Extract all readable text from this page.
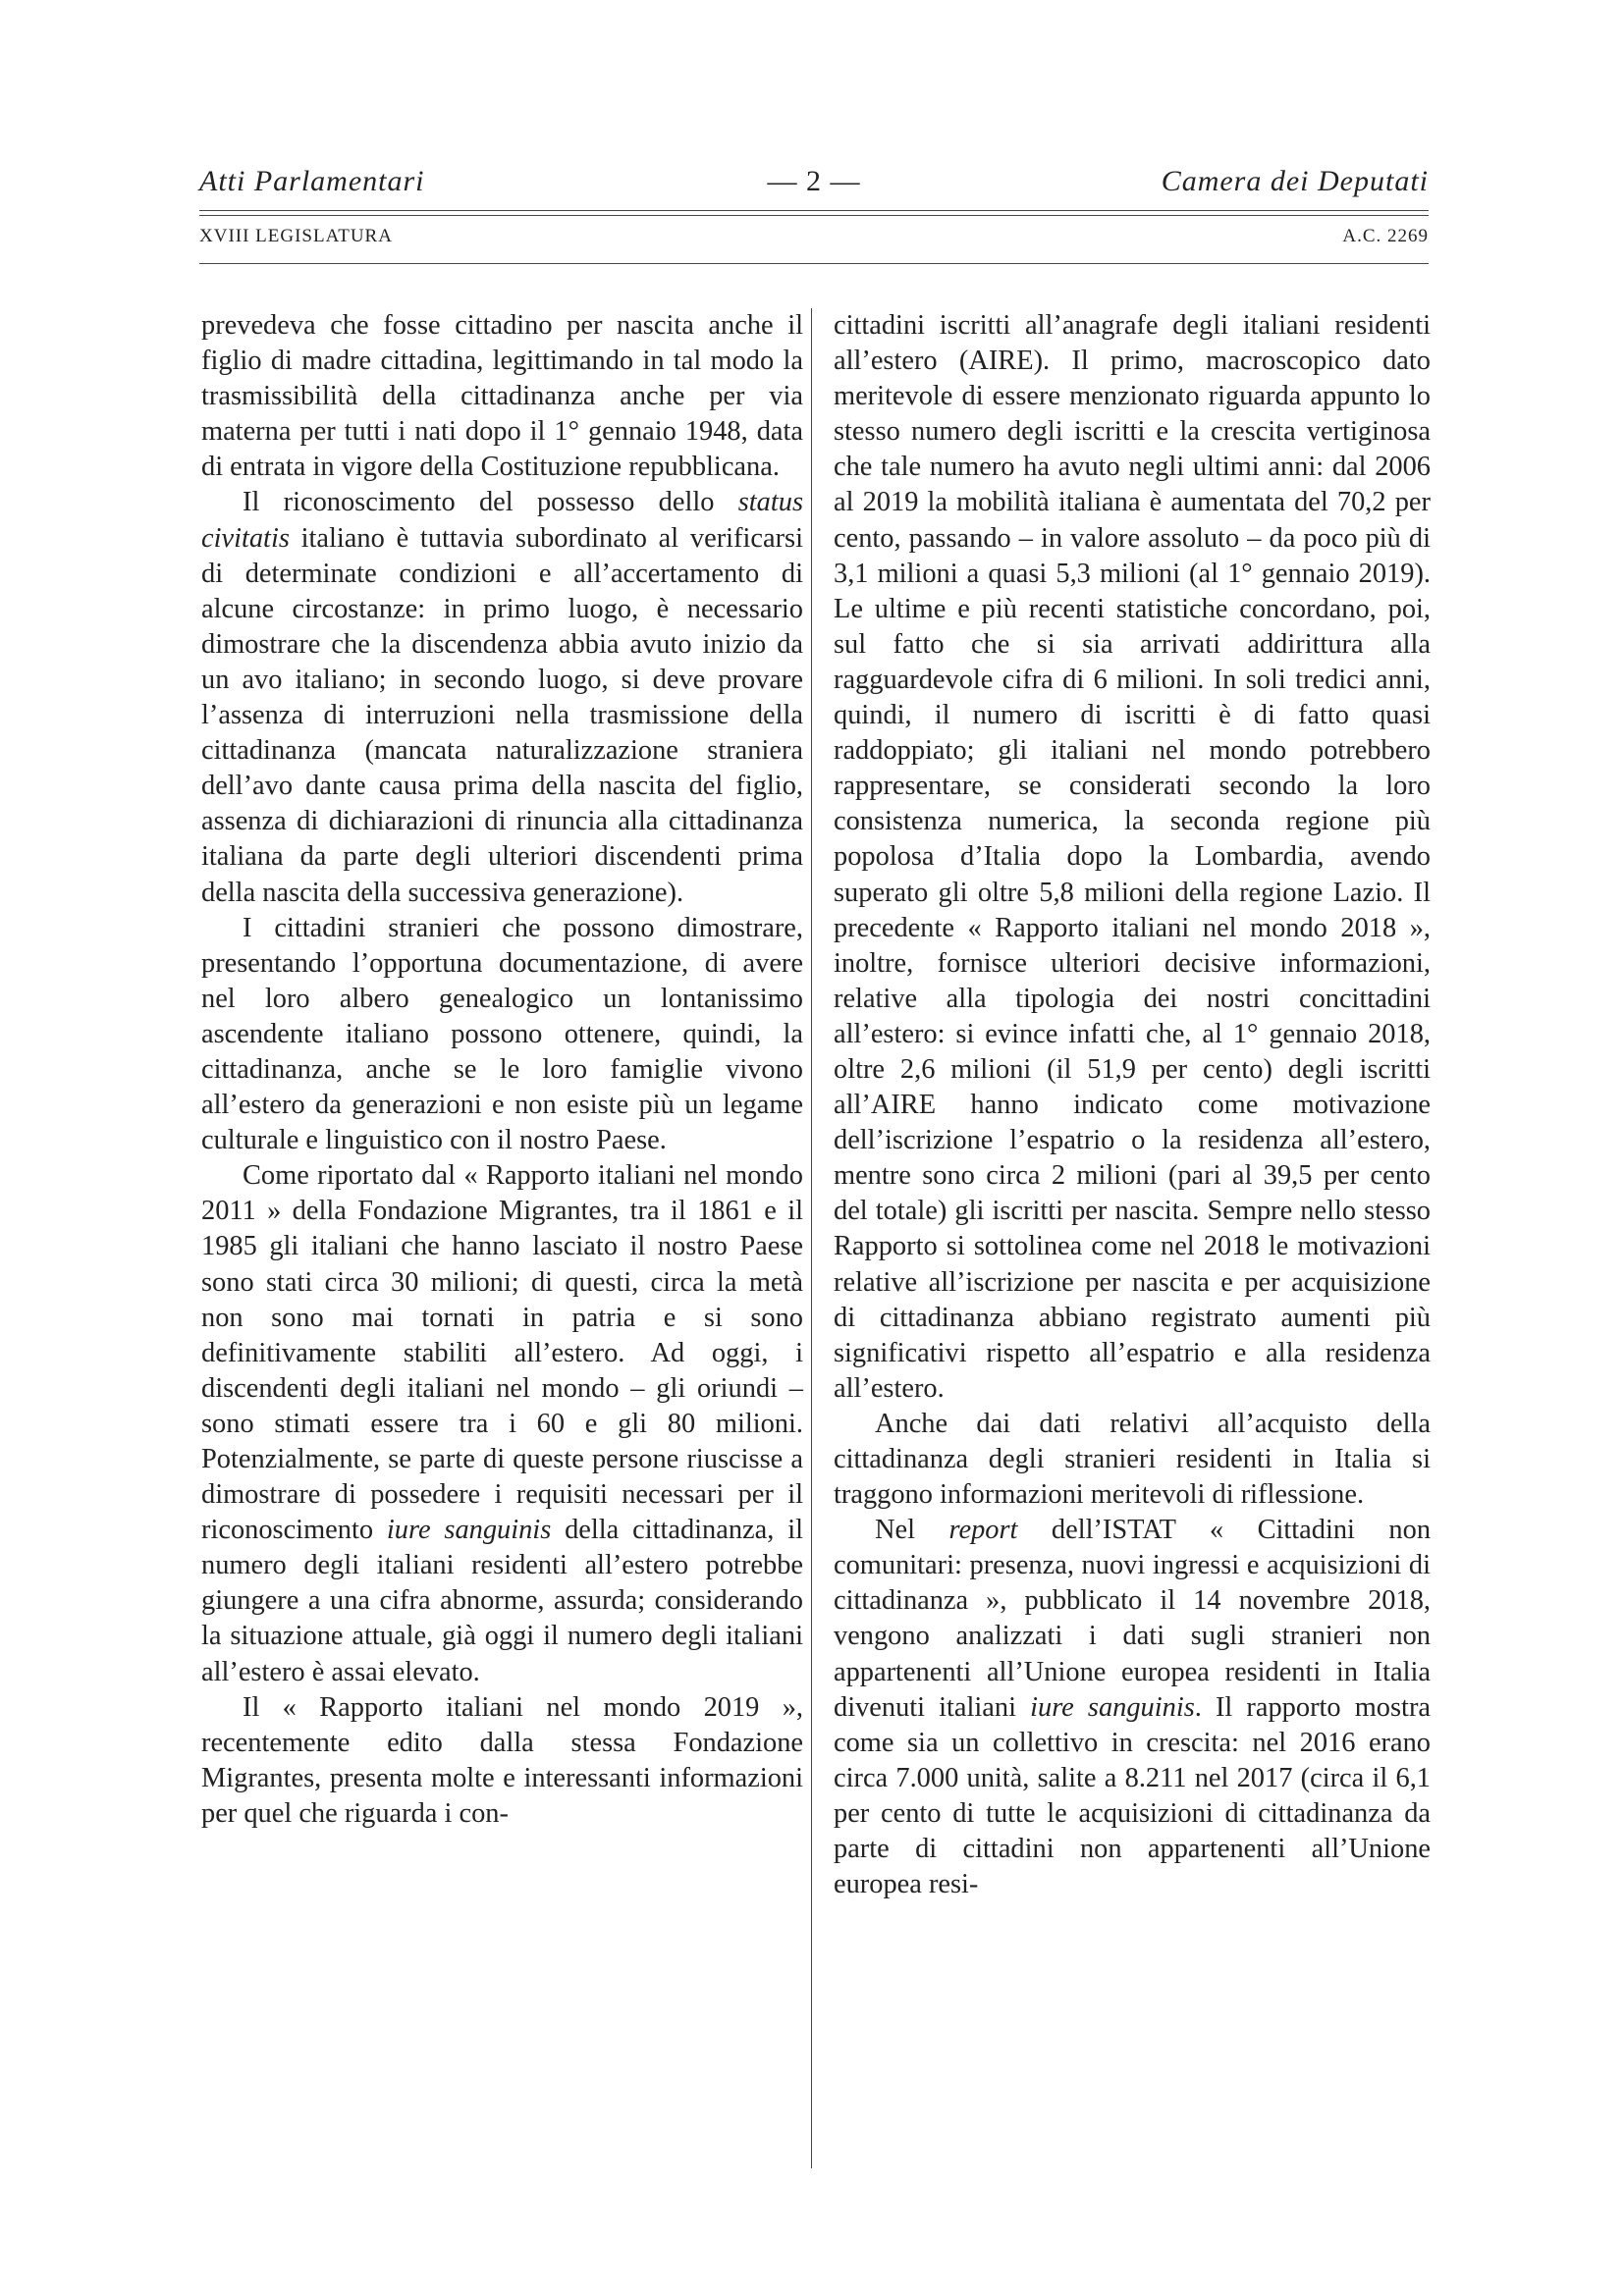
Atti Parlamentari	— 2 —	Camera dei Deputati
XVIII LEGISLATURA	A.C. 2269

prevedeva che fosse cittadino per nascita anche il figlio di madre cittadina, legittimando in tal modo la trasmissibilità della cittadinanza anche per via materna per tutti i nati dopo il 1° gennaio 1948, data di entrata in vigore della Costituzione repubblicana.

Il riconoscimento del possesso dello status civitatis italiano è tuttavia subordinato al verificarsi di determinate condizioni e all’accertamento di alcune circostanze: in primo luogo, è necessario dimostrare che la discendenza abbia avuto inizio da un avo italiano; in secondo luogo, si deve provare l’assenza di interruzioni nella trasmissione della cittadinanza (mancata naturalizzazione straniera dell’avo dante causa prima della nascita del figlio, assenza di dichiarazioni di rinuncia alla cittadinanza italiana da parte degli ulteriori discendenti prima della nascita della successiva generazione).

I cittadini stranieri che possono dimostrare, presentando l’opportuna documentazione, di avere nel loro albero genealogico un lontanissimo ascendente italiano possono ottenere, quindi, la cittadinanza, anche se le loro famiglie vivono all’estero da generazioni e non esiste più un legame culturale e linguistico con il nostro Paese.

Come riportato dal « Rapporto italiani nel mondo 2011 » della Fondazione Migrantes, tra il 1861 e il 1985 gli italiani che hanno lasciato il nostro Paese sono stati circa 30 milioni; di questi, circa la metà non sono mai tornati in patria e si sono definitivamente stabiliti all’estero. Ad oggi, i discendenti degli italiani nel mondo – gli oriundi – sono stimati essere tra i 60 e gli 80 milioni. Potenzialmente, se parte di queste persone riuscisse a dimostrare di possedere i requisiti necessari per il riconoscimento iure sanguinis della cittadinanza, il numero degli italiani residenti all’estero potrebbe giungere a una cifra abnorme, assurda; considerando la situazione attuale, già oggi il numero degli italiani all’estero è assai elevato.

Il « Rapporto italiani nel mondo 2019 », recentemente edito dalla stessa Fondazione Migrantes, presenta molte e interessanti informazioni per quel che riguarda i con-

cittadini iscritti all’anagrafe degli italiani residenti all’estero (AIRE). Il primo, macroscopico dato meritevole di essere menzionato riguarda appunto lo stesso numero degli iscritti e la crescita vertiginosa che tale numero ha avuto negli ultimi anni: dal 2006 al 2019 la mobilità italiana è aumentata del 70,2 per cento, passando – in valore assoluto – da poco più di 3,1 milioni a quasi 5,3 milioni (al 1° gennaio 2019). Le ultime e più recenti statistiche concordano, poi, sul fatto che si sia arrivati addirittura alla ragguardevole cifra di 6 milioni. In soli tredici anni, quindi, il numero di iscritti è di fatto quasi raddoppiato; gli italiani nel mondo potrebbero rappresentare, se considerati secondo la loro consistenza numerica, la seconda regione più popolosa d’Italia dopo la Lombardia, avendo superato gli oltre 5,8 milioni della regione Lazio. Il precedente « Rapporto italiani nel mondo 2018 », inoltre, fornisce ulteriori decisive informazioni, relative alla tipologia dei nostri concittadini all’estero: si evince infatti che, al 1° gennaio 2018, oltre 2,6 milioni (il 51,9 per cento) degli iscritti all’AIRE hanno indicato come motivazione dell’iscrizione l’espatrio o la residenza all’estero, mentre sono circa 2 milioni (pari al 39,5 per cento del totale) gli iscritti per nascita. Sempre nello stesso Rapporto si sottolinea come nel 2018 le motivazioni relative all’iscrizione per nascita e per acquisizione di cittadinanza abbiano registrato aumenti più significativi rispetto all’espatrio e alla residenza all’estero.

Anche dai dati relativi all’acquisto della cittadinanza degli stranieri residenti in Italia si traggono informazioni meritevoli di riflessione.

Nel report dell’ISTAT « Cittadini non comunitari: presenza, nuovi ingressi e acquisizioni di cittadinanza », pubblicato il 14 novembre 2018, vengono analizzati i dati sugli stranieri non appartenenti all’Unione europea residenti in Italia divenuti italiani iure sanguinis. Il rapporto mostra come sia un collettivo in crescita: nel 2016 erano circa 7.000 unità, salite a 8.211 nel 2017 (circa il 6,1 per cento di tutte le acquisizioni di cittadinanza da parte di cittadini non appartenenti all’Unione europea resi-
